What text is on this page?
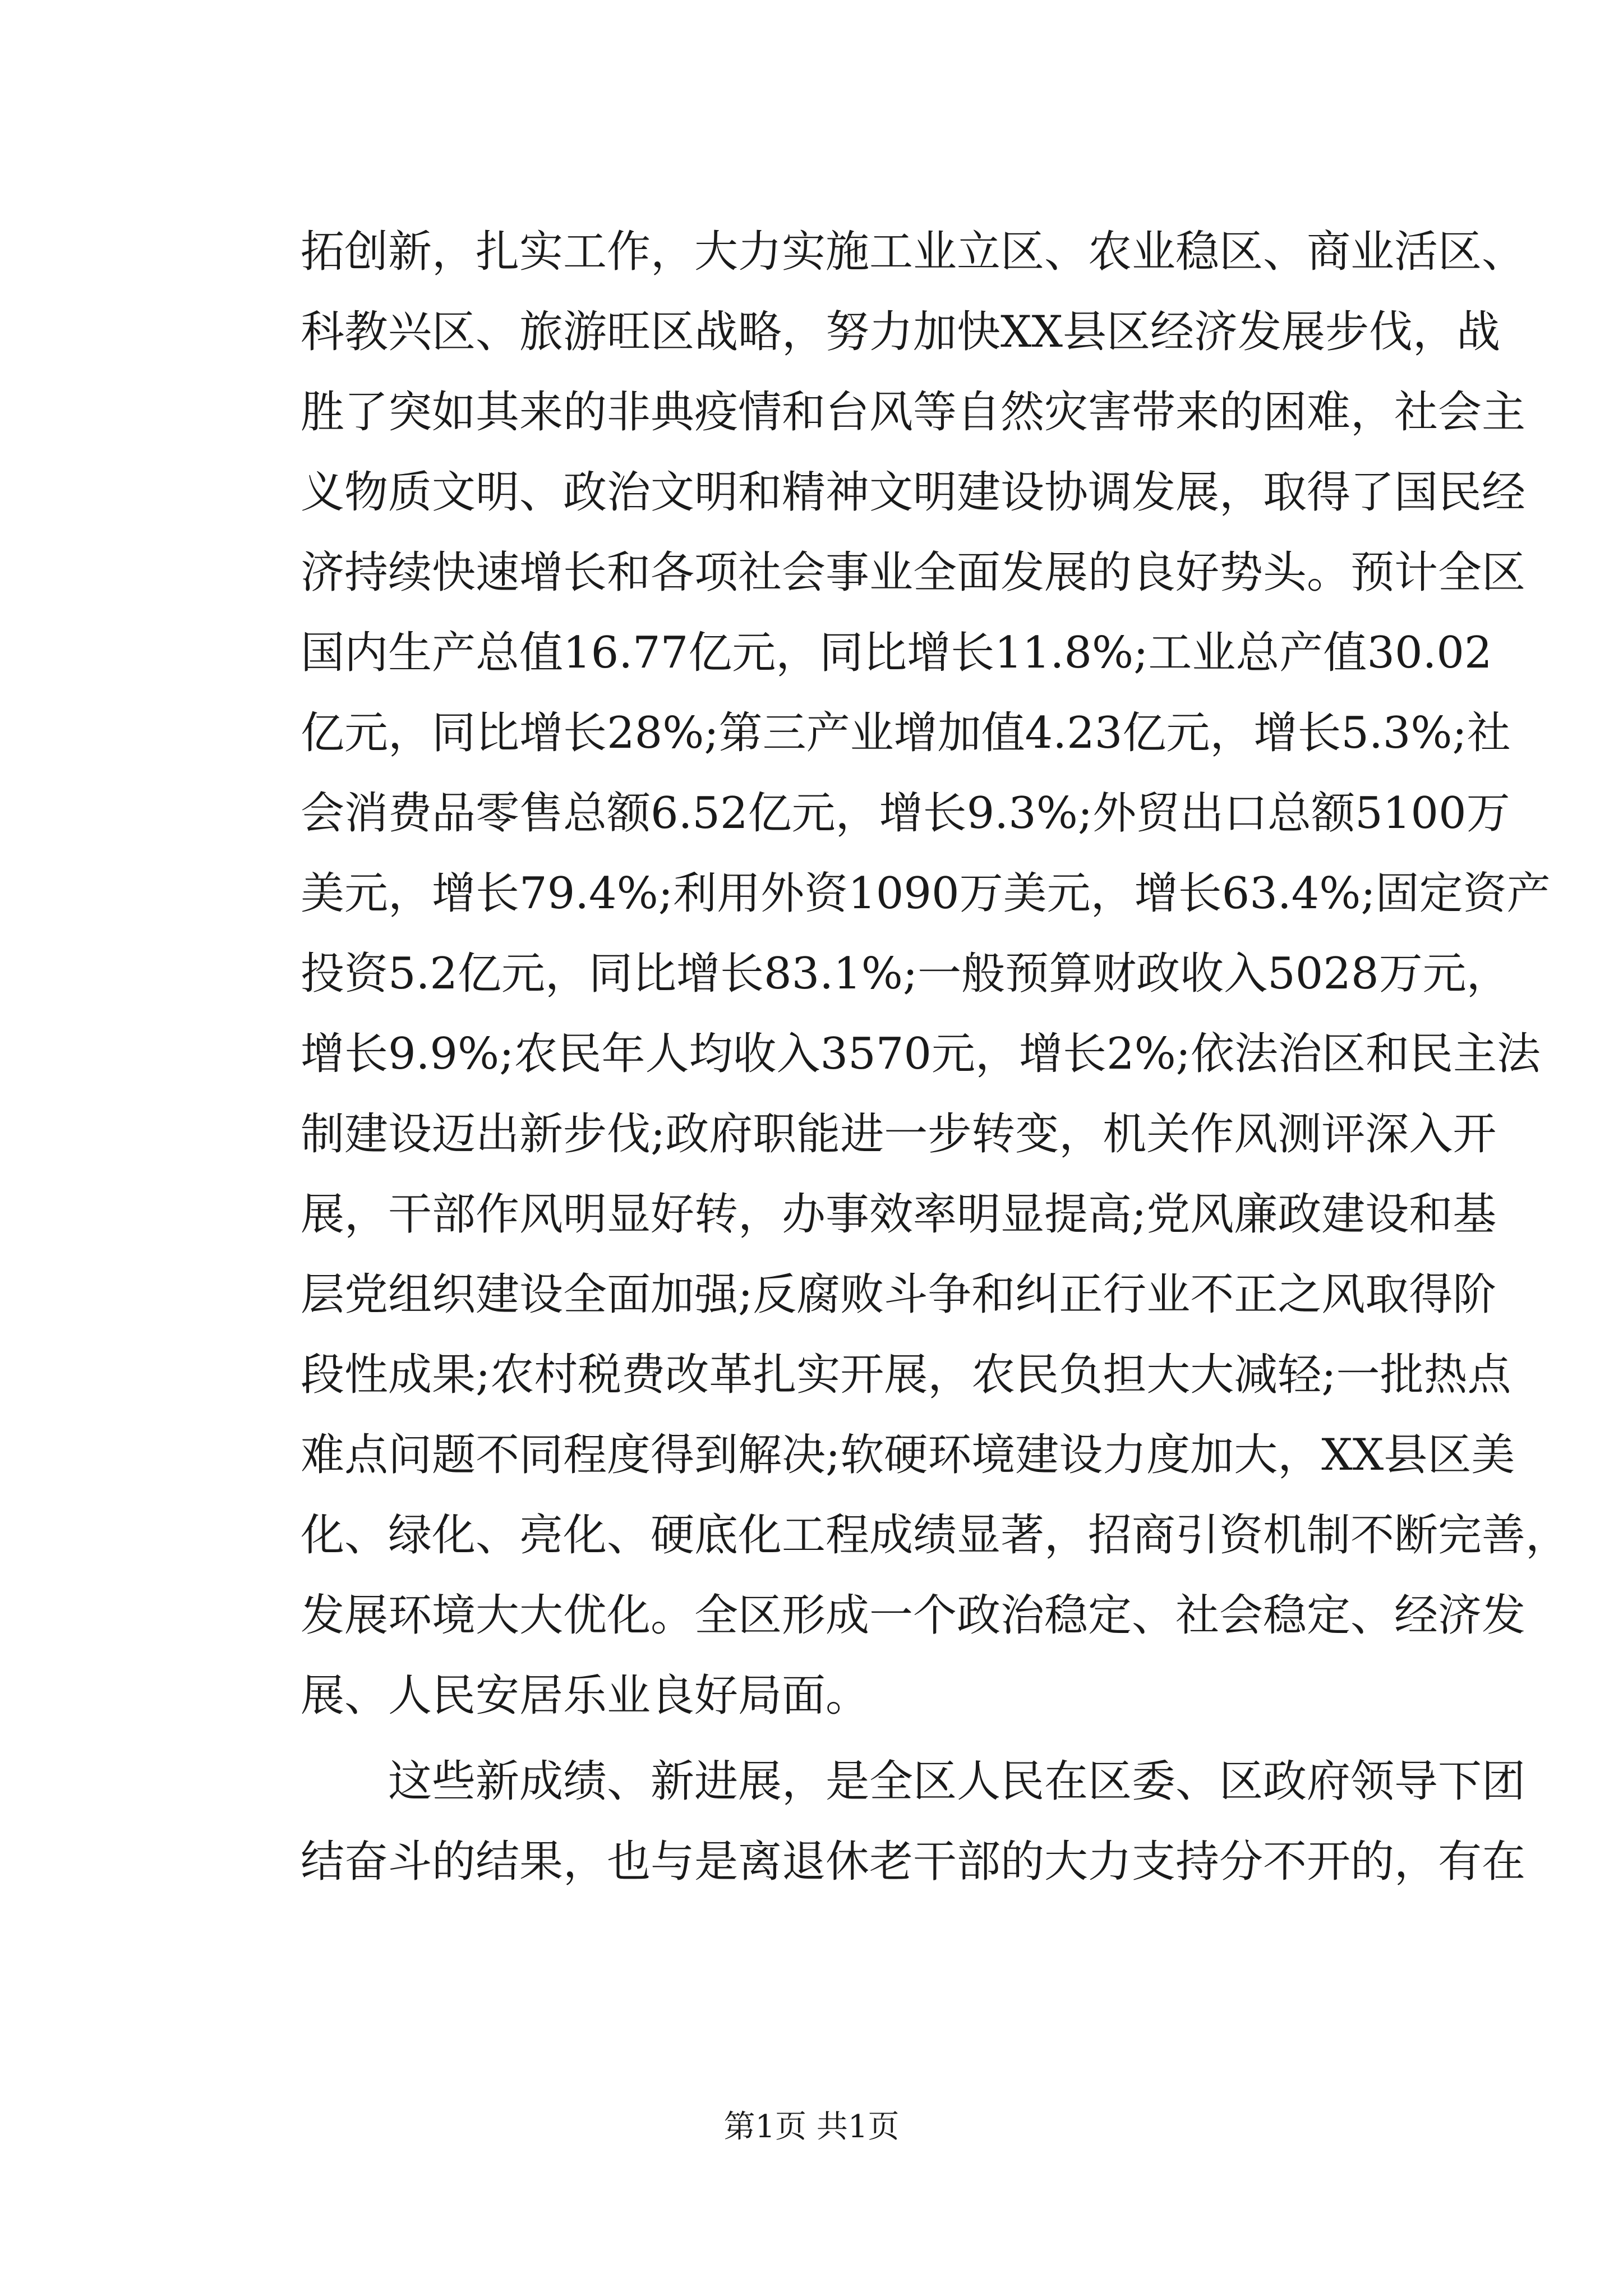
拓创新，扎实工作，大力实施工业立区、农业稳区、商业活区、
科教兴区、旅游旺区战略，努力加快XX县区经济发展步伐，战
胜了突如其来的非典疫情和台风等自然灾害带来的困难，社会主
义物质文明、政治文明和精神文明建设协调发展，取得了国民经
济持续快速增长和各项社会事业全面发展的良好势头。预计全区
国内生产总值16.77亿元，同比增长11.8%;工业总产值30.02
亿元，同比增长28%;第三产业增加值4.23亿元，增长5.3%;社
会消费品零售总额6.52亿元，增长9.3%;外贸出口总额5100万
美元，增长79.4%;利用外资1090万美元，增长63.4%;固定资产
投资5.2亿元，同比增长83.1%;一般预算财政收入5028万元，
增长9.9%;农民年人均收入3570元，增长2%;依法治区和民主法
制建设迈出新步伐;政府职能进一步转变，机关作风测评深入开
展，干部作风明显好转，办事效率明显提高;党风廉政建设和基
层党组织建设全面加强;反腐败斗争和纠正行业不正之风取得阶
段性成果;农村税费改革扎实开展，农民负担大大减轻;一批热点
难点问题不同程度得到解决;软硬环境建设力度加大，XX县区美
化、绿化、亮化、硬底化工程成绩显著，招商引资机制不断完善，
发展环境大大优化。全区形成一个政治稳定、社会稳定、经济发
展、人民安居乐业良好局面。
这些新成绩、新进展，是全区人民在区委、区政府领导下团
结奋斗的结果，也与是离退休老干部的大力支持分不开的，有在
第1页 共1页
